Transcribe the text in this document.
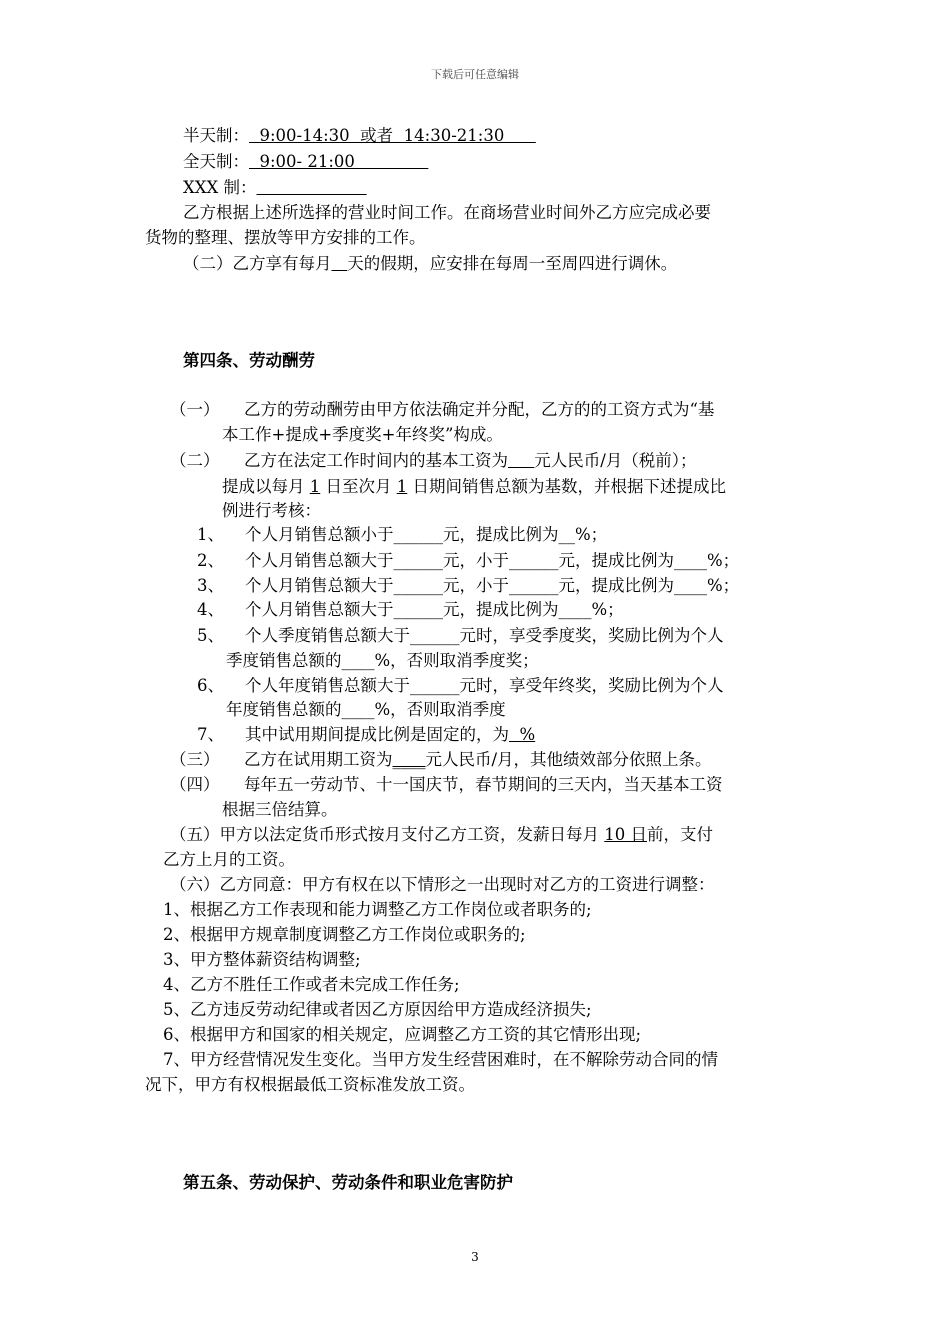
下载后可任意编辑
半天制：  9:00-14:30  或者  14:30-21:30
全天制：  9:00- 21:00
XXX 制：
乙方根据上述所选择的营业时间工作。在商场营业时间外乙方应完成必要
货物的整理、摆放等甲方安排的工作。
（二）乙方享有每月 天的假期，应安排在每周一至周四进行调休。
第四条、劳动酬劳
（一） 乙方的劳动酬劳由甲方依法确定并分配，乙方的的工资方式为“基
本工作+提成+季度奖+年终奖”构成。
（二） 乙方在法定工作时间内的基本工资为 元人民币/月（税前）；
提成以每月 1 日至次月 1 日期间销售总额为基数，并根据下述提成比
例进行考核：
1、 个人月销售总额小于______元，提成比例为__%；
2、 个人月销售总额大于______元，小于______元，提成比例为____%；
3、 个人月销售总额大于______元，小于______元，提成比例为____%；
4、 个人月销售总额大于______元，提成比例为____%；
5、 个人季度销售总额大于______元时，享受季度奖，奖励比例为个人
季度销售总额的____%，否则取消季度奖；
6、 个人年度销售总额大于______元时，享受年终奖，奖励比例为个人
年度销售总额的____%，否则取消季度
7、 其中试用期间提成比例是固定的，为  %
（三） 乙方在试用期工资为____元人民币/月，其他绩效部分依照上条。
（四） 每年五一劳动节、十一国庆节，春节期间的三天内，当天基本工资
根据三倍结算。
（五）甲方以法定货币形式按月支付乙方工资，发薪日每月 10 日前，支付
乙方上月的工资。
（六）乙方同意：甲方有权在以下情形之一出现时对乙方的工资进行调整：
1、根据乙方工作表现和能力调整乙方工作岗位或者职务的;
2、根据甲方规章制度调整乙方工作岗位或职务的;
3、甲方整体薪资结构调整;
4、乙方不胜任工作或者未完成工作任务;
5、乙方违反劳动纪律或者因乙方原因给甲方造成经济损失;
6、根据甲方和国家的相关规定，应调整乙方工资的其它情形出现;
7、甲方经营情况发生变化。当甲方发生经营困难时，在不解除劳动合同的情
况下，甲方有权根据最低工资标准发放工资。
第五条、劳动保护、劳动条件和职业危害防护
3
